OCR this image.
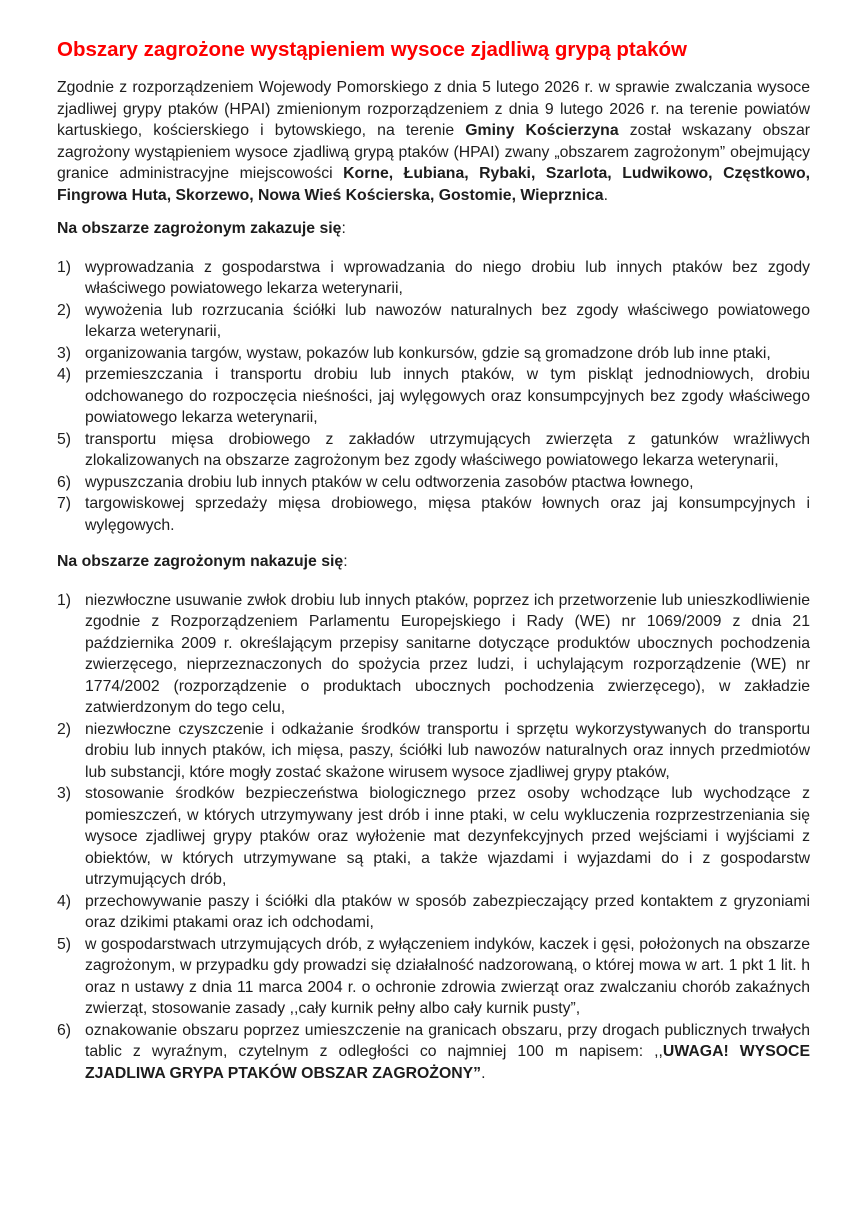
Obszary zagrożone wystąpieniem wysoce zjadliwą grypą ptaków

Zgodnie z rozporządzeniem Wojewody Pomorskiego z dnia 5 lutego 2026 r. w sprawie zwalczania wysoce zjadliwej grypy ptaków (HPAI) zmienionym rozporządzeniem z dnia 9 lutego 2026 r. na terenie powiatów kartuskiego, kościerskiego i bytowskiego, na terenie Gminy Kościerzyna został wskazany obszar zagrożony wystąpieniem wysoce zjadliwą grypą ptaków (HPAI) zwany „obszarem zagrożonym” obejmujący granice administracyjne miejscowości Korne, Łubiana, Rybaki, Szarlota, Ludwikowo, Częstkowo, Fingrowa Huta, Skorzewo, Nowa Wieś Kościerska, Gostomie, Wieprznica.

Na obszarze zagrożonym zakazuje się:

wyprowadzania z gospodarstwa i wprowadzania do niego drobiu lub innych ptaków bez zgody właściwego powiatowego lekarza weterynarii,
wywożenia lub rozrzucania ściółki lub nawozów naturalnych bez zgody właściwego powiatowego lekarza weterynarii,
organizowania targów, wystaw, pokazów lub konkursów, gdzie są gromadzone drób lub inne ptaki,
przemieszczania i transportu drobiu lub innych ptaków, w tym piskląt jednodniowych, drobiu odchowanego do rozpoczęcia nieśności, jaj wylęgowych oraz konsumpcyjnych bez zgody właściwego powiatowego lekarza weterynarii,
transportu mięsa drobiowego z zakładów utrzymujących zwierzęta z gatunków wrażliwych zlokalizowanych na obszarze zagrożonym bez zgody właściwego powiatowego lekarza weterynarii,
wypuszczania drobiu lub innych ptaków w celu odtworzenia zasobów ptactwa łownego,
targowiskowej sprzedaży mięsa drobiowego, mięsa ptaków łownych oraz jaj konsumpcyjnych i wylęgowych.

Na obszarze zagrożonym nakazuje się:

niezwłoczne usuwanie zwłok drobiu lub innych ptaków, poprzez ich przetworzenie lub unieszkodliwienie zgodnie z Rozporządzeniem Parlamentu Europejskiego i Rady (WE) nr 1069/2009 z dnia 21 października 2009 r. określającym przepisy sanitarne dotyczące produktów ubocznych pochodzenia zwierzęcego, nieprzeznaczonych do spożycia przez ludzi, i uchylającym rozporządzenie (WE) nr 1774/2002 (rozporządzenie o produktach ubocznych pochodzenia zwierzęcego), w zakładzie zatwierdzonym do tego celu,
niezwłoczne czyszczenie i odkażanie środków transportu i sprzętu wykorzystywanych do transportu drobiu lub innych ptaków, ich mięsa, paszy, ściółki lub nawozów naturalnych oraz innych przedmiotów lub substancji, które mogły zostać skażone wirusem wysoce zjadliwej grypy ptaków,
stosowanie środków bezpieczeństwa biologicznego przez osoby wchodzące lub wychodzące z pomieszczeń, w których utrzymywany jest drób i inne ptaki, w celu wykluczenia rozprzestrzeniania się wysoce zjadliwej grypy ptaków oraz wyłożenie mat dezynfekcyjnych przed wejściami i wyjściami z obiektów, w których utrzymywane są ptaki, a także wjazdami i wyjazdami do i z gospodarstw utrzymujących drób,
przechowywanie paszy i ściółki dla ptaków w sposób zabezpieczający przed kontaktem z gryzoniami oraz dzikimi ptakami oraz ich odchodami,
w gospodarstwach utrzymujących drób, z wyłączeniem indyków, kaczek i gęsi, położonych na obszarze zagrożonym, w przypadku gdy prowadzi się działalność nadzorowaną, o której mowa w art. 1 pkt 1 lit. h oraz n ustawy z dnia 11 marca 2004 r. o ochronie zdrowia zwierząt oraz zwalczaniu chorób zakaźnych zwierząt, stosowanie zasady ,,cały kurnik pełny albo cały kurnik pusty”,
oznakowanie obszaru poprzez umieszczenie na granicach obszaru, przy drogach publicznych trwałych tablic z wyraźnym, czytelnym z odległości co najmniej 100 m napisem: ,,UWAGA! WYSOCE ZJADLIWA GRYPA PTAKÓW OBSZAR ZAGROŻONY”.
